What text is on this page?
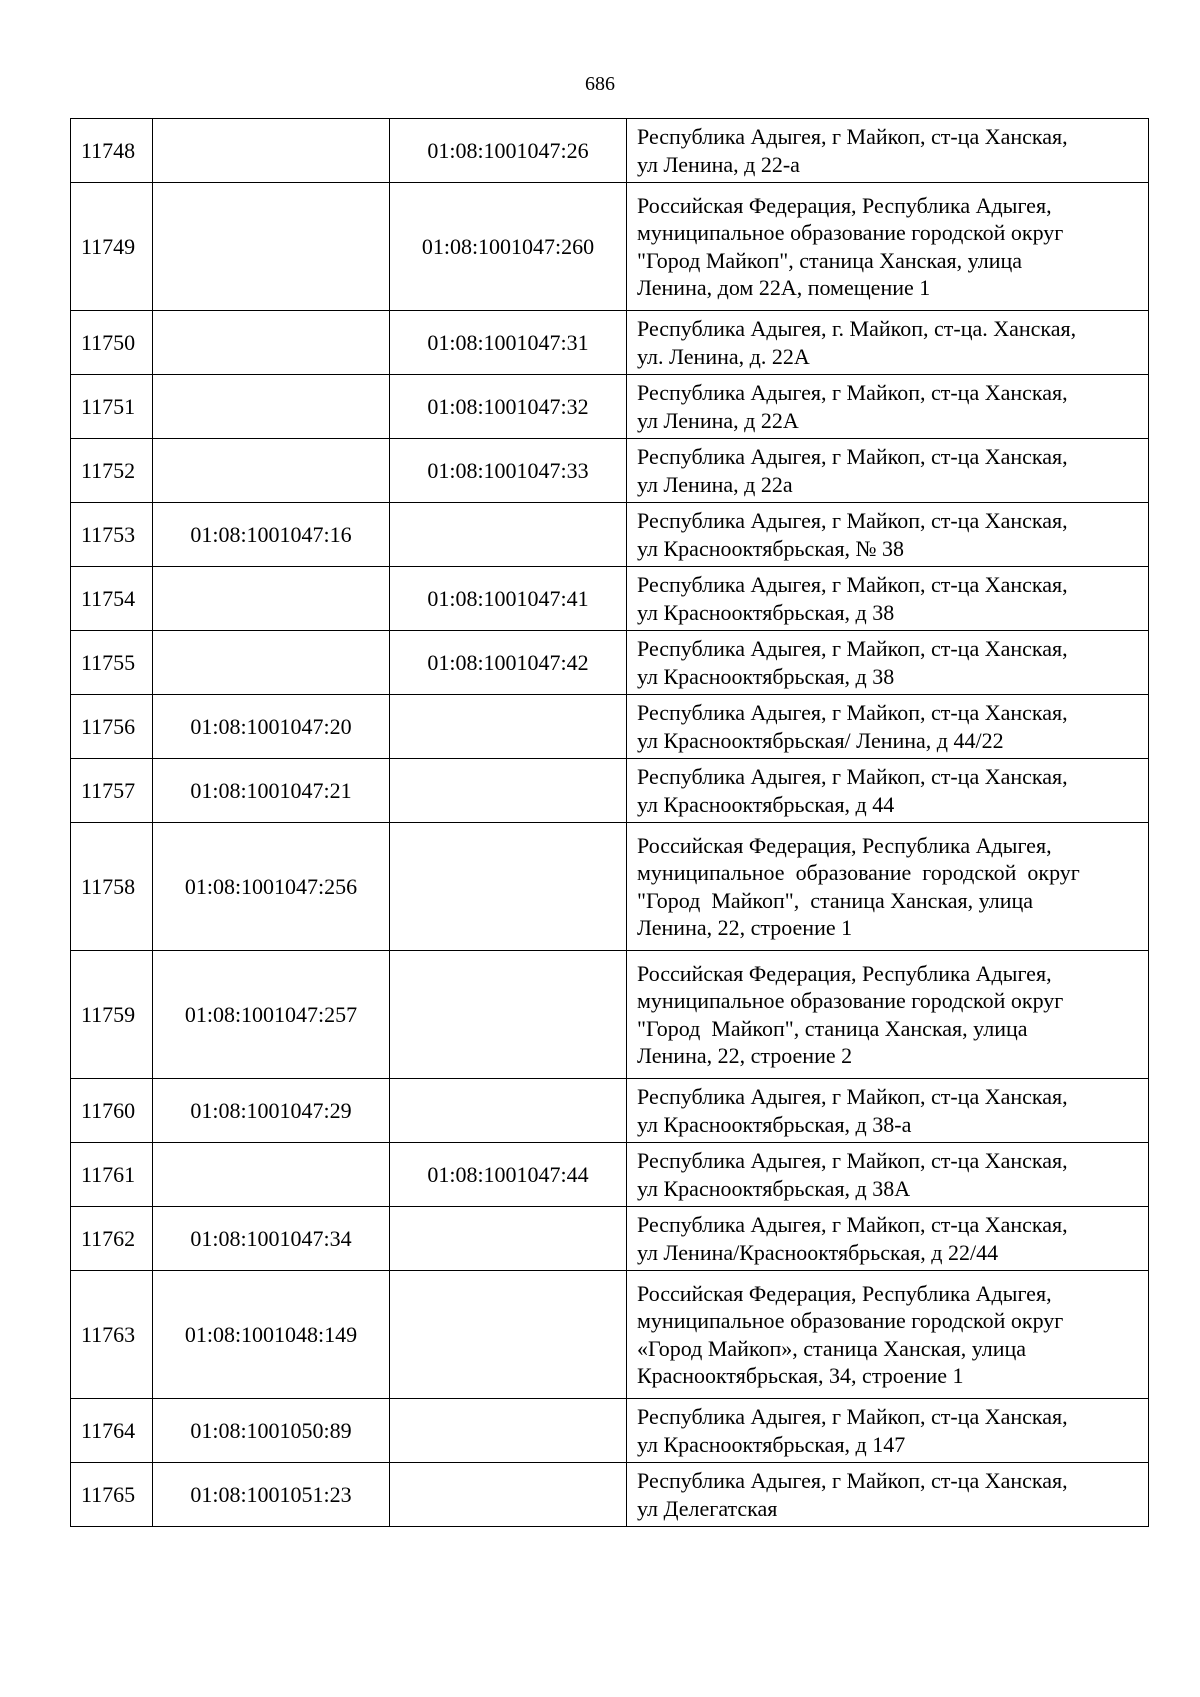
686
11748		01:08:1001047:26	Республика Адыгея, г Майкоп, ст-ца Ханская,
ул Ленина, д 22-а

11749		01:08:1001047:260	Российская Федерация, Республика Адыгея,
муниципальное образование городской округ
"Город Майкоп", станица Ханская, улица
Ленина, дом 22А, помещение 1

11750		01:08:1001047:31	Республика Адыгея, г. Майкоп, ст-ца. Ханская,
ул. Ленина, д. 22А

11751		01:08:1001047:32	Республика Адыгея, г Майкоп, ст-ца Ханская,
ул Ленина, д 22А

11752		01:08:1001047:33	Республика Адыгея, г Майкоп, ст-ца Ханская,
ул Ленина, д 22а

11753	01:08:1001047:16		Республика Адыгея, г Майкоп, ст-ца Ханская,
ул Краснооктябрьская, № 38

11754		01:08:1001047:41	Республика Адыгея, г Майкоп, ст-ца Ханская,
ул Краснооктябрьская, д 38

11755		01:08:1001047:42	Республика Адыгея, г Майкоп, ст-ца Ханская,
ул Краснооктябрьская, д 38

11756	01:08:1001047:20		Республика Адыгея, г Майкоп, ст-ца Ханская,
ул Краснооктябрьская/ Ленина, д 44/22

11757	01:08:1001047:21		Республика Адыгея, г Майкоп, ст-ца Ханская,
ул Краснооктябрьская, д 44

11758	01:08:1001047:256		Российская Федерация, Республика Адыгея,
муниципальное  образование  городской  округ
"Город  Майкоп",  станица Ханская, улица
Ленина, 22, строение 1

11759	01:08:1001047:257		Российская Федерация, Республика Адыгея,
муниципальное образование городской округ
"Город  Майкоп", станица Ханская, улица
Ленина, 22, строение 2

11760	01:08:1001047:29		Республика Адыгея, г Майкоп, ст-ца Ханская,
ул Краснооктябрьская, д 38-а

11761		01:08:1001047:44	Республика Адыгея, г Майкоп, ст-ца Ханская,
ул Краснооктябрьская, д 38А

11762	01:08:1001047:34		Республика Адыгея, г Майкоп, ст-ца Ханская,
ул Ленина/Краснооктябрьская, д 22/44

11763	01:08:1001048:149		Российская Федерация, Республика Адыгея,
муниципальное образование городской округ
«Город Майкоп», станица Ханская, улица
Краснооктябрьская, 34, строение 1

11764	01:08:1001050:89		Республика Адыгея, г Майкоп, ст-ца Ханская,
ул Краснооктябрьская, д 147

11765	01:08:1001051:23		Республика Адыгея, г Майкоп, ст-ца Ханская,
ул Делегатская
